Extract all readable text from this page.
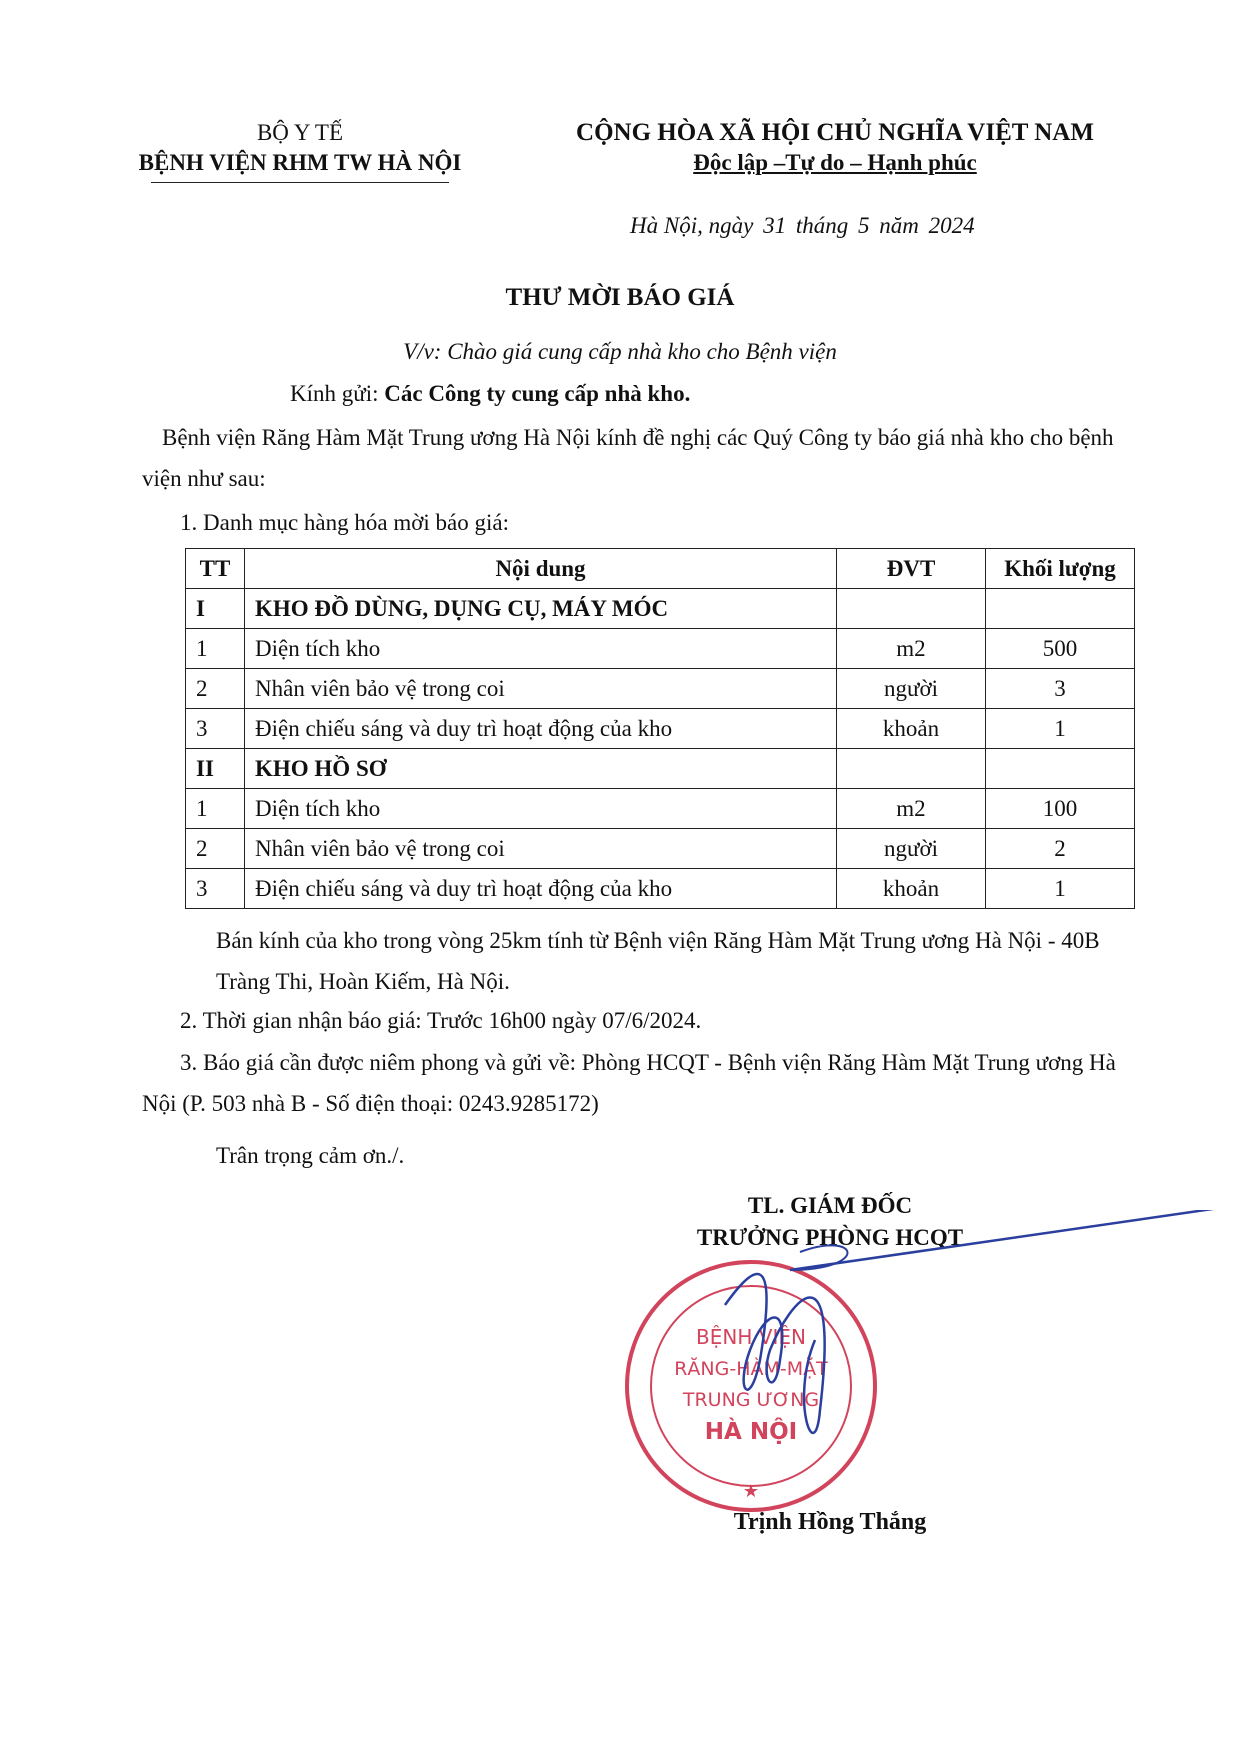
BỘ Y TẾ
BỆNH VIỆN RHM TW HÀ NỘI
CỘNG HÒA XÃ HỘI CHỦ NGHĨA VIỆT NAM
Độc lập –Tự do – Hạnh phúc
Hà Nội, ngày 31 tháng 5 năm 2024
THƯ MỜI BÁO GIÁ
V/v: Chào giá cung cấp nhà kho cho Bệnh viện
Kính gửi: Các Công ty cung cấp nhà kho.
Bệnh viện Răng Hàm Mặt Trung ương Hà Nội kính đề nghị các Quý Công ty báo giá nhà kho cho bệnh viện như sau:
1. Danh mục hàng hóa mời báo giá:
TT	Nội dung	ĐVT	Khối lượng
I	KHO ĐỒ DÙNG, DỤNG CỤ, MÁY MÓC		
1	Diện tích kho	m2	500
2	Nhân viên bảo vệ trong coi	người	3
3	Điện chiếu sáng và duy trì hoạt động của kho	khoản	1
II	KHO HỒ SƠ		
1	Diện tích kho	m2	100
2	Nhân viên bảo vệ trong coi	người	2
3	Điện chiếu sáng và duy trì hoạt động của kho	khoản	1
Bán kính của kho trong vòng 25km tính từ Bệnh viện Răng Hàm Mặt Trung ương Hà Nội - 40B Tràng Thi, Hoàn Kiếm, Hà Nội.
2. Thời gian nhận báo giá: Trước 16h00 ngày 07/6/2024.
3. Báo giá cần được niêm phong và gửi về: Phòng HCQT - Bệnh viện Răng Hàm Mặt Trung ương Hà Nội (P. 503 nhà B - Số điện thoại: 0243.9285172)
Trân trọng cảm ơn./.
TL. GIÁM ĐỐC
TRƯỞNG PHÒNG HCQT
BỆNH VIỆN
RĂNG-HÀM-MẶT
TRUNG ƯƠNG
HÀ NỘI
★
Trịnh Hồng Thắng
